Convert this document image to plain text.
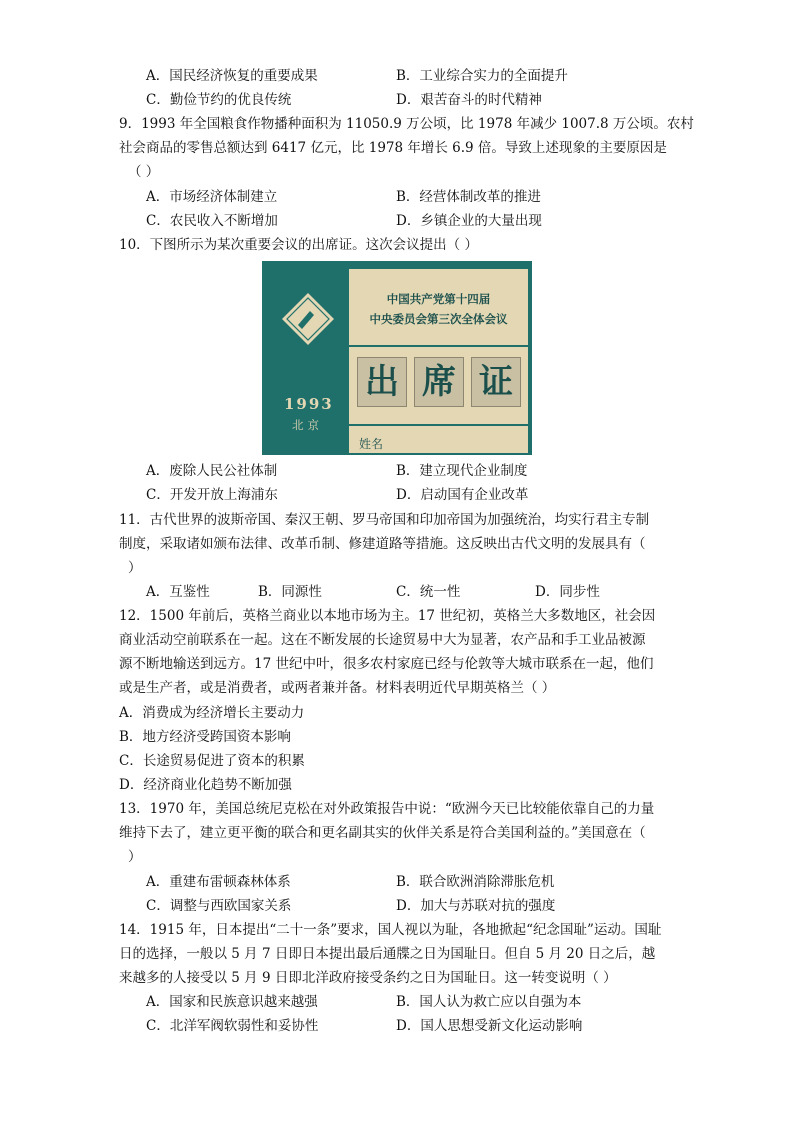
A．国民经济恢复的重要成果	B．工业综合实力的全面提升
C．勤俭节约的优良传统	D．艰苦奋斗的时代精神
9．1993 年全国粮食作物播种面积为 11050.9 万公顷，比 1978 年减少 1007.8 万公顷。农村
社会商品的零售总额达到 6417 亿元，比 1978 年增长 6.9 倍。导致上述现象的主要原因是
（ ）
A．市场经济体制建立	B．经营体制改革的推进
C．农民收入不断增加	D．乡镇企业的大量出现
10．下图所示为某次重要会议的出席证。这次会议提出（ ）
1993
北京
中国共产党第十四届
中央委员会第三次全体会议
出 席 证
姓名
A．废除人民公社体制	B．建立现代企业制度
C．开发开放上海浦东	D．启动国有企业改革
11．古代世界的波斯帝国、秦汉王朝、罗马帝国和印加帝国为加强统治，均实行君主专制
制度，采取诸如颁布法律、改革币制、修建道路等措施。这反映出古代文明的发展具有（
）
A．互鉴性	B．同源性	C．统一性	D．同步性
12．1500 年前后，英格兰商业以本地市场为主。17 世纪初，英格兰大多数地区，社会因
商业活动空前联系在一起。这在不断发展的长途贸易中大为显著，农产品和手工业品被源
源不断地输送到远方。17 世纪中叶，很多农村家庭已经与伦敦等大城市联系在一起，他们
或是生产者，或是消费者，或两者兼并备。材料表明近代早期英格兰（ ）
A．消费成为经济增长主要动力
B．地方经济受跨国资本影响
C．长途贸易促进了资本的积累
D．经济商业化趋势不断加强
13．1970 年，美国总统尼克松在对外政策报告中说：“欧洲今天已比较能依靠自己的力量
维持下去了，建立更平衡的联合和更名副其实的伙伴关系是符合美国利益的。”美国意在（
）
A．重建布雷顿森林体系	B．联合欧洲消除滞胀危机
C．调整与西欧国家关系	D．加大与苏联对抗的强度
14．1915 年，日本提出“二十一条”要求，国人视以为耻，各地掀起“纪念国耻”运动。国耻
日的选择，一般以 5 月 7 日即日本提出最后通牒之日为国耻日。但自 5 月 20 日之后，越
来越多的人接受以 5 月 9 日即北洋政府接受条约之日为国耻日。这一转变说明（ ）
A．国家和民族意识越来越强	B．国人认为救亡应以自强为本
C．北洋军阀软弱性和妥协性	D．国人思想受新文化运动影响
